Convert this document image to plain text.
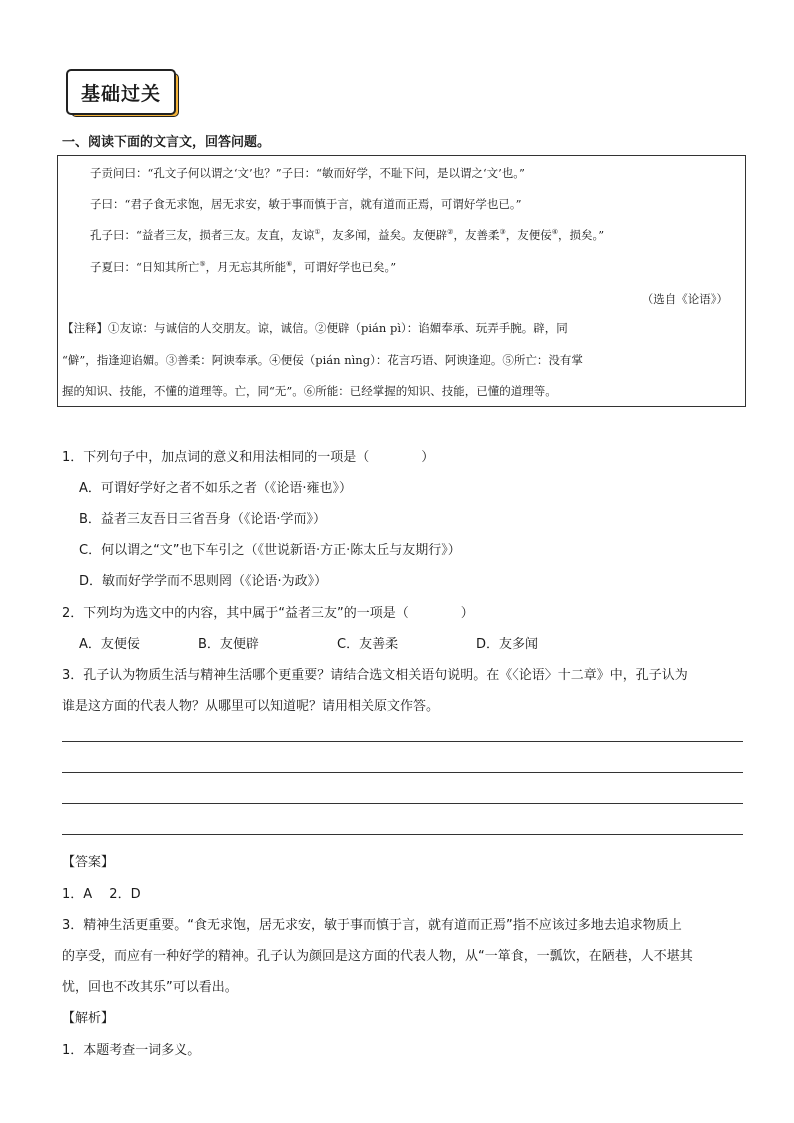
基础过关
一、阅读下面的文言文，回答问题。
子贡问曰：“孔文子何以谓之‘文’也？”子曰：“敏而好学，不耻下问，是以谓之‘文’也。”
子曰：“君子食无求饱，居无求安，敏于事而慎于言，就有道而正焉，可谓好学也已。”
孔子曰：“益者三友，损者三友。友直，友谅①，友多闻，益矣。友便辟②，友善柔③，友便佞④，损矣。”
子夏曰：“日知其所亡⑤，月无忘其所能⑥，可谓好学也已矣。”
（选自《论语》）
【注释】①友谅：与诚信的人交朋友。谅，诚信。②便辟（pián pì）：谄媚奉承、玩弄手腕。辟，同
“僻”，指逢迎谄媚。③善柔：阿谀奉承。④便佞（pián nìng）：花言巧语、阿谀逢迎。⑤所亡：没有掌
握的知识、技能，不懂的道理等。亡，同“无”。⑥所能：已经掌握的知识、技能，已懂的道理等。
1．下列句子中，加点词的意义和用法相同的一项是（　　　　）
A．可谓好学好之者不如乐之者（《论语·雍也》）
B．益者三友吾日三省吾身（《论语·学而》）
C．何以谓之“文”也下车引之（《世说新语·方正·陈太丘与友期行》）
D．敏而好学学而不思则罔（《论语·为政》）
2．下列均为选文中的内容，其中属于“益者三友”的一项是（　　　　）
A．友便佞	B．友便辟	C．友善柔	D．友多闻
3．孔子认为物质生活与精神生活哪个更重要？请结合选文相关语句说明。在《〈论语〉十二章》中，孔子认为
谁是这方面的代表人物？从哪里可以知道呢？请用相关原文作答。
【答案】
1．A　 2．D
3．精神生活更重要。“食无求饱，居无求安，敏于事而慎于言，就有道而正焉”指不应该过多地去追求物质上
的享受，而应有一种好学的精神。孔子认为颜回是这方面的代表人物，从“一箪食，一瓢饮，在陋巷，人不堪其
忧，回也不改其乐”可以看出。
【解析】
1．本题考查一词多义。
